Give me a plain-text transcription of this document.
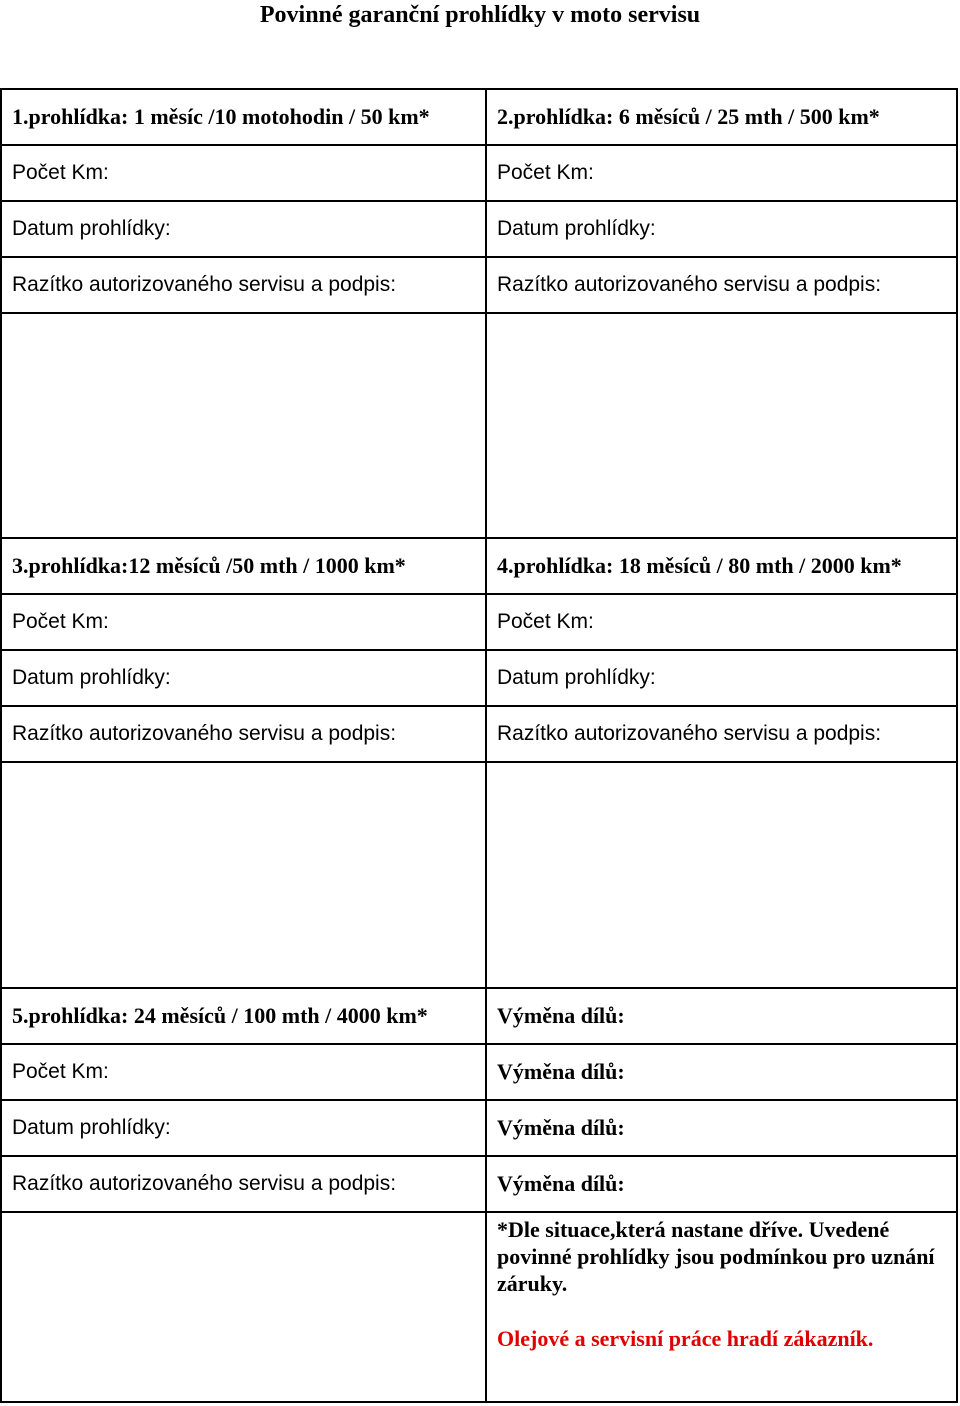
Povinné garanční prohlídky v moto servisu
1.prohlídka: 1 měsíc /10 motohodin / 50 km*
Počet Km:
Datum prohlídky:
Razítko autorizovaného servisu a podpis:
2.prohlídka: 6 měsíců / 25 mth / 500 km*
Počet Km:
Datum prohlídky:
Razítko autorizovaného servisu a podpis:
3.prohlídka:12 měsíců /50 mth / 1000 km*
Počet Km:
Datum prohlídky:
Razítko autorizovaného servisu a podpis:
4.prohlídka: 18 měsíců / 80 mth / 2000 km*
Počet Km:
Datum prohlídky:
Razítko autorizovaného servisu a podpis:
5.prohlídka: 24 měsíců / 100 mth / 4000 km*
Počet Km:
Datum prohlídky:
Razítko autorizovaného servisu a podpis:
Výměna dílů:
Výměna dílů:
Výměna dílů:
Výměna dílů:
*Dle situace,která nastane dříve. Uvedené povinné prohlídky jsou podmínkou pro uznání záruky.
Olejové a servisní práce hradí zákazník.
